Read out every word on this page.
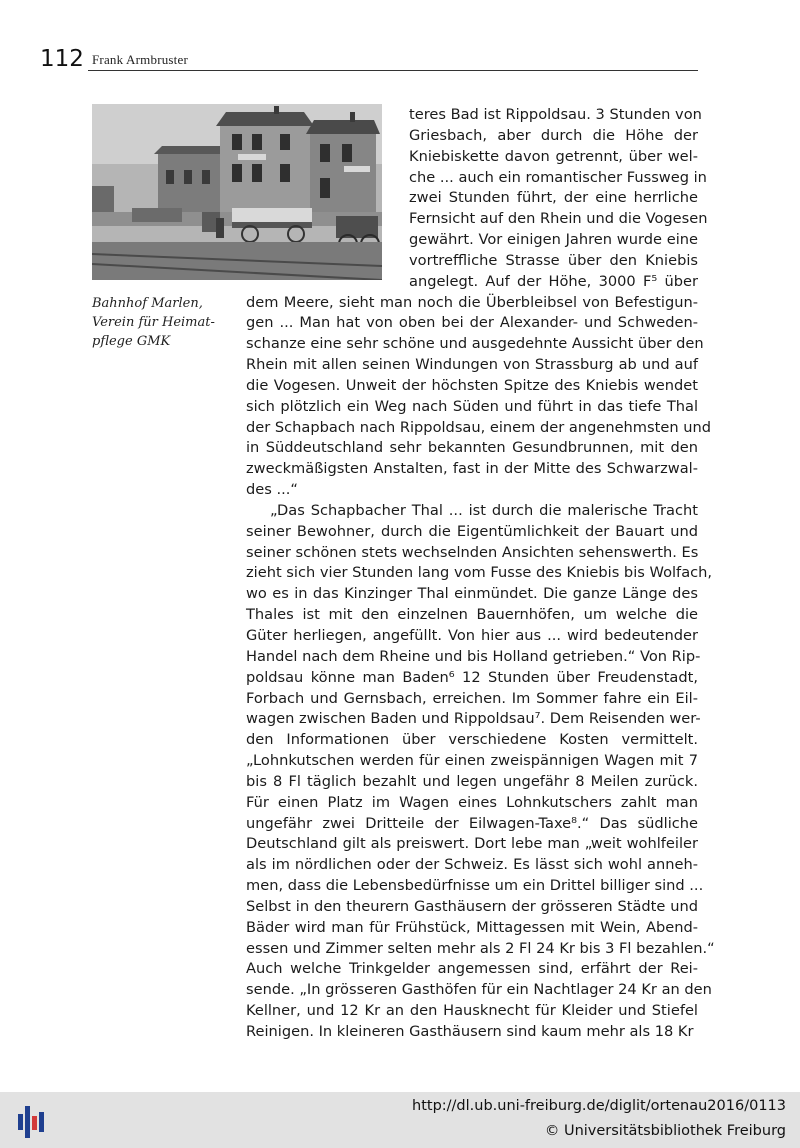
112 Frank Armbruster
Bahnhof Marlen,
Verein für Heimat-
pflege GMK
teres Bad ist Rippoldsau. 3 Stunden von
Griesbach, aber durch die Höhe der
Kniebiskette davon getrennt, über wel-
che ... auch ein romantischer Fussweg in
zwei Stunden führt, der eine herrliche
Fernsicht auf den Rhein und die Vogesen
gewährt. Vor einigen Jahren wurde eine
vortreffliche Strasse über den Kniebis
angelegt. Auf der Höhe, 3000 F⁵ über
dem Meere, sieht man noch die Überbleibsel von Befestigun-
gen ... Man hat von oben bei der Alexander- und Schweden-
schanze eine sehr schöne und ausgedehnte Aussicht über den
Rhein mit allen seinen Windungen von Strassburg ab und auf
die Vogesen. Unweit der höchsten Spitze des Kniebis wendet
sich plötzlich ein Weg nach Süden und führt in das tiefe Thal
der Schapbach nach Rippoldsau, einem der angenehmsten und
in Süddeutschland sehr bekannten Gesundbrunnen, mit den
zweckmäßigsten Anstalten, fast in der Mitte des Schwarzwal-
des ...“
„Das Schapbacher Thal ... ist durch die malerische Tracht
seiner Bewohner, durch die Eigentümlichkeit der Bauart und
seiner schönen stets wechselnden Ansichten sehenswerth. Es
zieht sich vier Stunden lang vom Fusse des Kniebis bis Wolfach,
wo es in das Kinzinger Thal einmündet. Die ganze Länge des
Thales ist mit den einzelnen Bauernhöfen, um welche die
Güter herliegen, angefüllt. Von hier aus ... wird bedeutender
Handel nach dem Rheine und bis Holland getrieben.“ Von Rip-
poldsau könne man Baden⁶ 12 Stunden über Freudenstadt,
Forbach und Gernsbach, erreichen. Im Sommer fahre ein Eil-
wagen zwischen Baden und Rippoldsau⁷. Dem Reisenden wer-
den Informationen über verschiedene Kosten vermittelt.
„Lohnkutschen werden für einen zweispännigen Wagen mit 7
bis 8 Fl täglich bezahlt und legen ungefähr 8 Meilen zurück.
Für einen Platz im Wagen eines Lohnkutschers zahlt man
ungefähr zwei Dritteile der Eilwagen-Taxe⁸.“ Das südliche
Deutschland gilt als preiswert. Dort lebe man „weit wohlfeiler
als im nördlichen oder der Schweiz. Es lässt sich wohl anneh-
men, dass die Lebensbedürfnisse um ein Drittel billiger sind ...
Selbst in den theurern Gasthäusern der grösseren Städte und
Bäder wird man für Frühstück, Mittagessen mit Wein, Abend-
essen und Zimmer selten mehr als 2 Fl 24 Kr bis 3 Fl bezahlen.“
Auch welche Trinkgelder angemessen sind, erfährt der Rei-
sende. „In grösseren Gasthöfen für ein Nachtlager 24 Kr an den
Kellner, und 12 Kr an den Hausknecht für Kleider und Stiefel
Reinigen. In kleineren Gasthäusern sind kaum mehr als 18 Kr
http://dl.ub.uni-freiburg.de/diglit/ortenau2016/0113
© Universitätsbibliothek Freiburg
